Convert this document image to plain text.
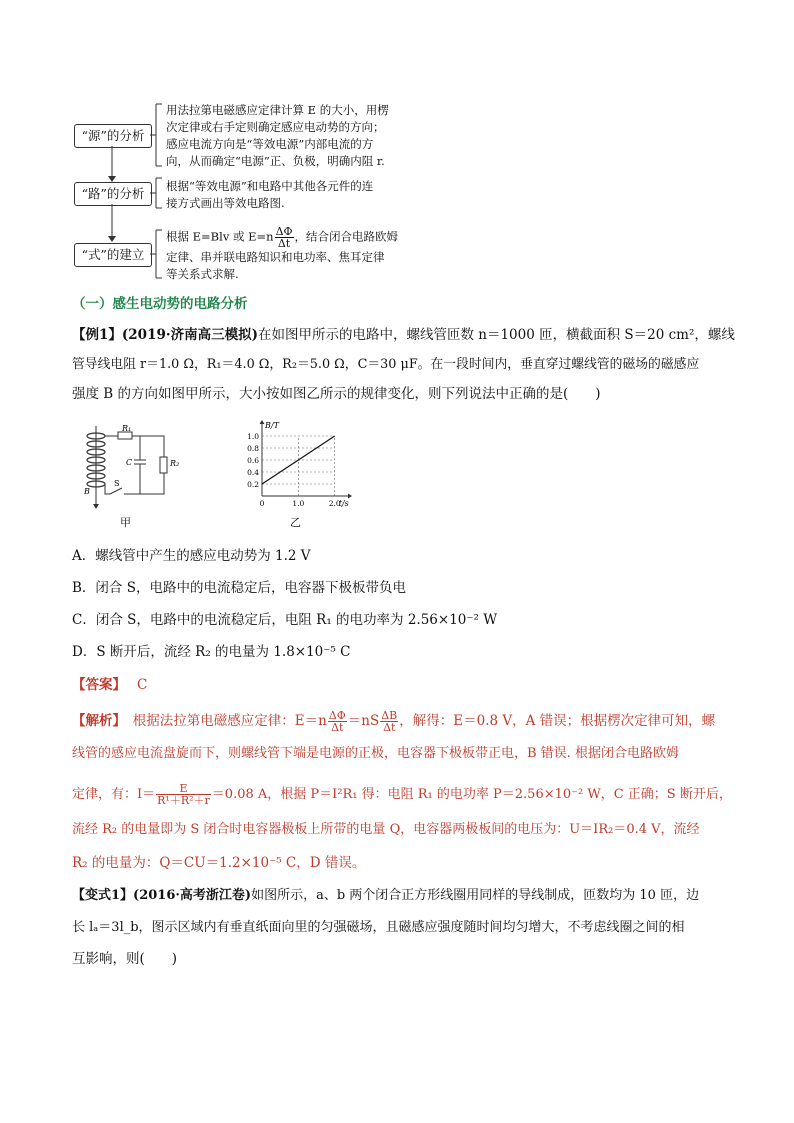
“源”的分析
“路”的分析
“式”的建立
用法拉第电磁感应定律计算 E 的大小，用楞
次定律或右手定则确定感应电动势的方向；
感应电流方向是“等效电源”内部电流的方
向，从而确定“电源”正、负极，明确内阻 r.
根据“等效电源”和电路中其他各元件的连
接方式画出等效电路图.
根据 E=Blv 或 $E=n \frac{\Delta\Phi}{\Delta t}$ ，结合闭合电路欧姆
定律、串并联电路知识和电功率、焦耳定律
等关系式求解.
（一）感生电动势的电路分析
【例1】(2019·济南高三模拟)在如图甲所示的电路中，螺线管匝数 n＝1000 匝，横截面积 S＝20 cm²，螺线
管导线电阻 r＝1.0 Ω，R₁＝4.0 Ω，R₂＝5.0 Ω，C＝30 μF。在一段时间内，垂直穿过螺线管的磁场的磁感应
强度 B 的方向如图甲所示，大小按如图乙所示的规律变化，则下列说法中正确的是(　　)
R₁
R₂
C
B
S
甲
0.2
0.4
0.6
0.8
1.0
0	1.0	2.0
B/T
t/s
乙
A．螺线管中产生的感应电动势为 1.2 V
B．闭合 S，电路中的电流稳定后，电容器下极板带负电
C．闭合 S，电路中的电流稳定后，电阻 R₁ 的电功率为 2.56×10⁻² W
D．S 断开后，流经 R₂ 的电量为 1.8×10⁻⁵ C
【答案】　 C
【解析】　 根据法拉第电磁感应定律：$E=n \frac{\Delta\Phi}{\Delta t} =nS \frac{\Delta B}{\Delta t}$ ，解得：E＝0.8 V，A 错误；根据楞次定律可知，螺
线管的感应电流盘旋而下，则螺线管下端是电源的正极，电容器下极板带正电，B 错误. 根据闭合电路欧姆
定律，有：$I= \frac{E}{\text{R¹＋R²＋r}} =0.08$ A，根据 P＝I²R₁ 得：电阻 R₁ 的电功率 P＝2.56×10⁻² W，C 正确；S 断开后，
流经 R₂ 的电量即为 S 闭合时电容器极板上所带的电量 Q，电容器两极板间的电压为：U＝IR₂＝0.4 V，流经
R₂ 的电量为：Q＝CU＝1.2×10⁻⁵ C，D 错误。
【变式1】(2016·高考浙江卷)如图所示，a、b 两个闭合正方形线圈用同样的导线制成，匝数均为 10 匝，边
长 lₐ＝3l_b，图示区域内有垂直纸面向里的匀强磁场，且磁感应强度随时间均匀增大，不考虑线圈之间的相
互影响，则(　　)
